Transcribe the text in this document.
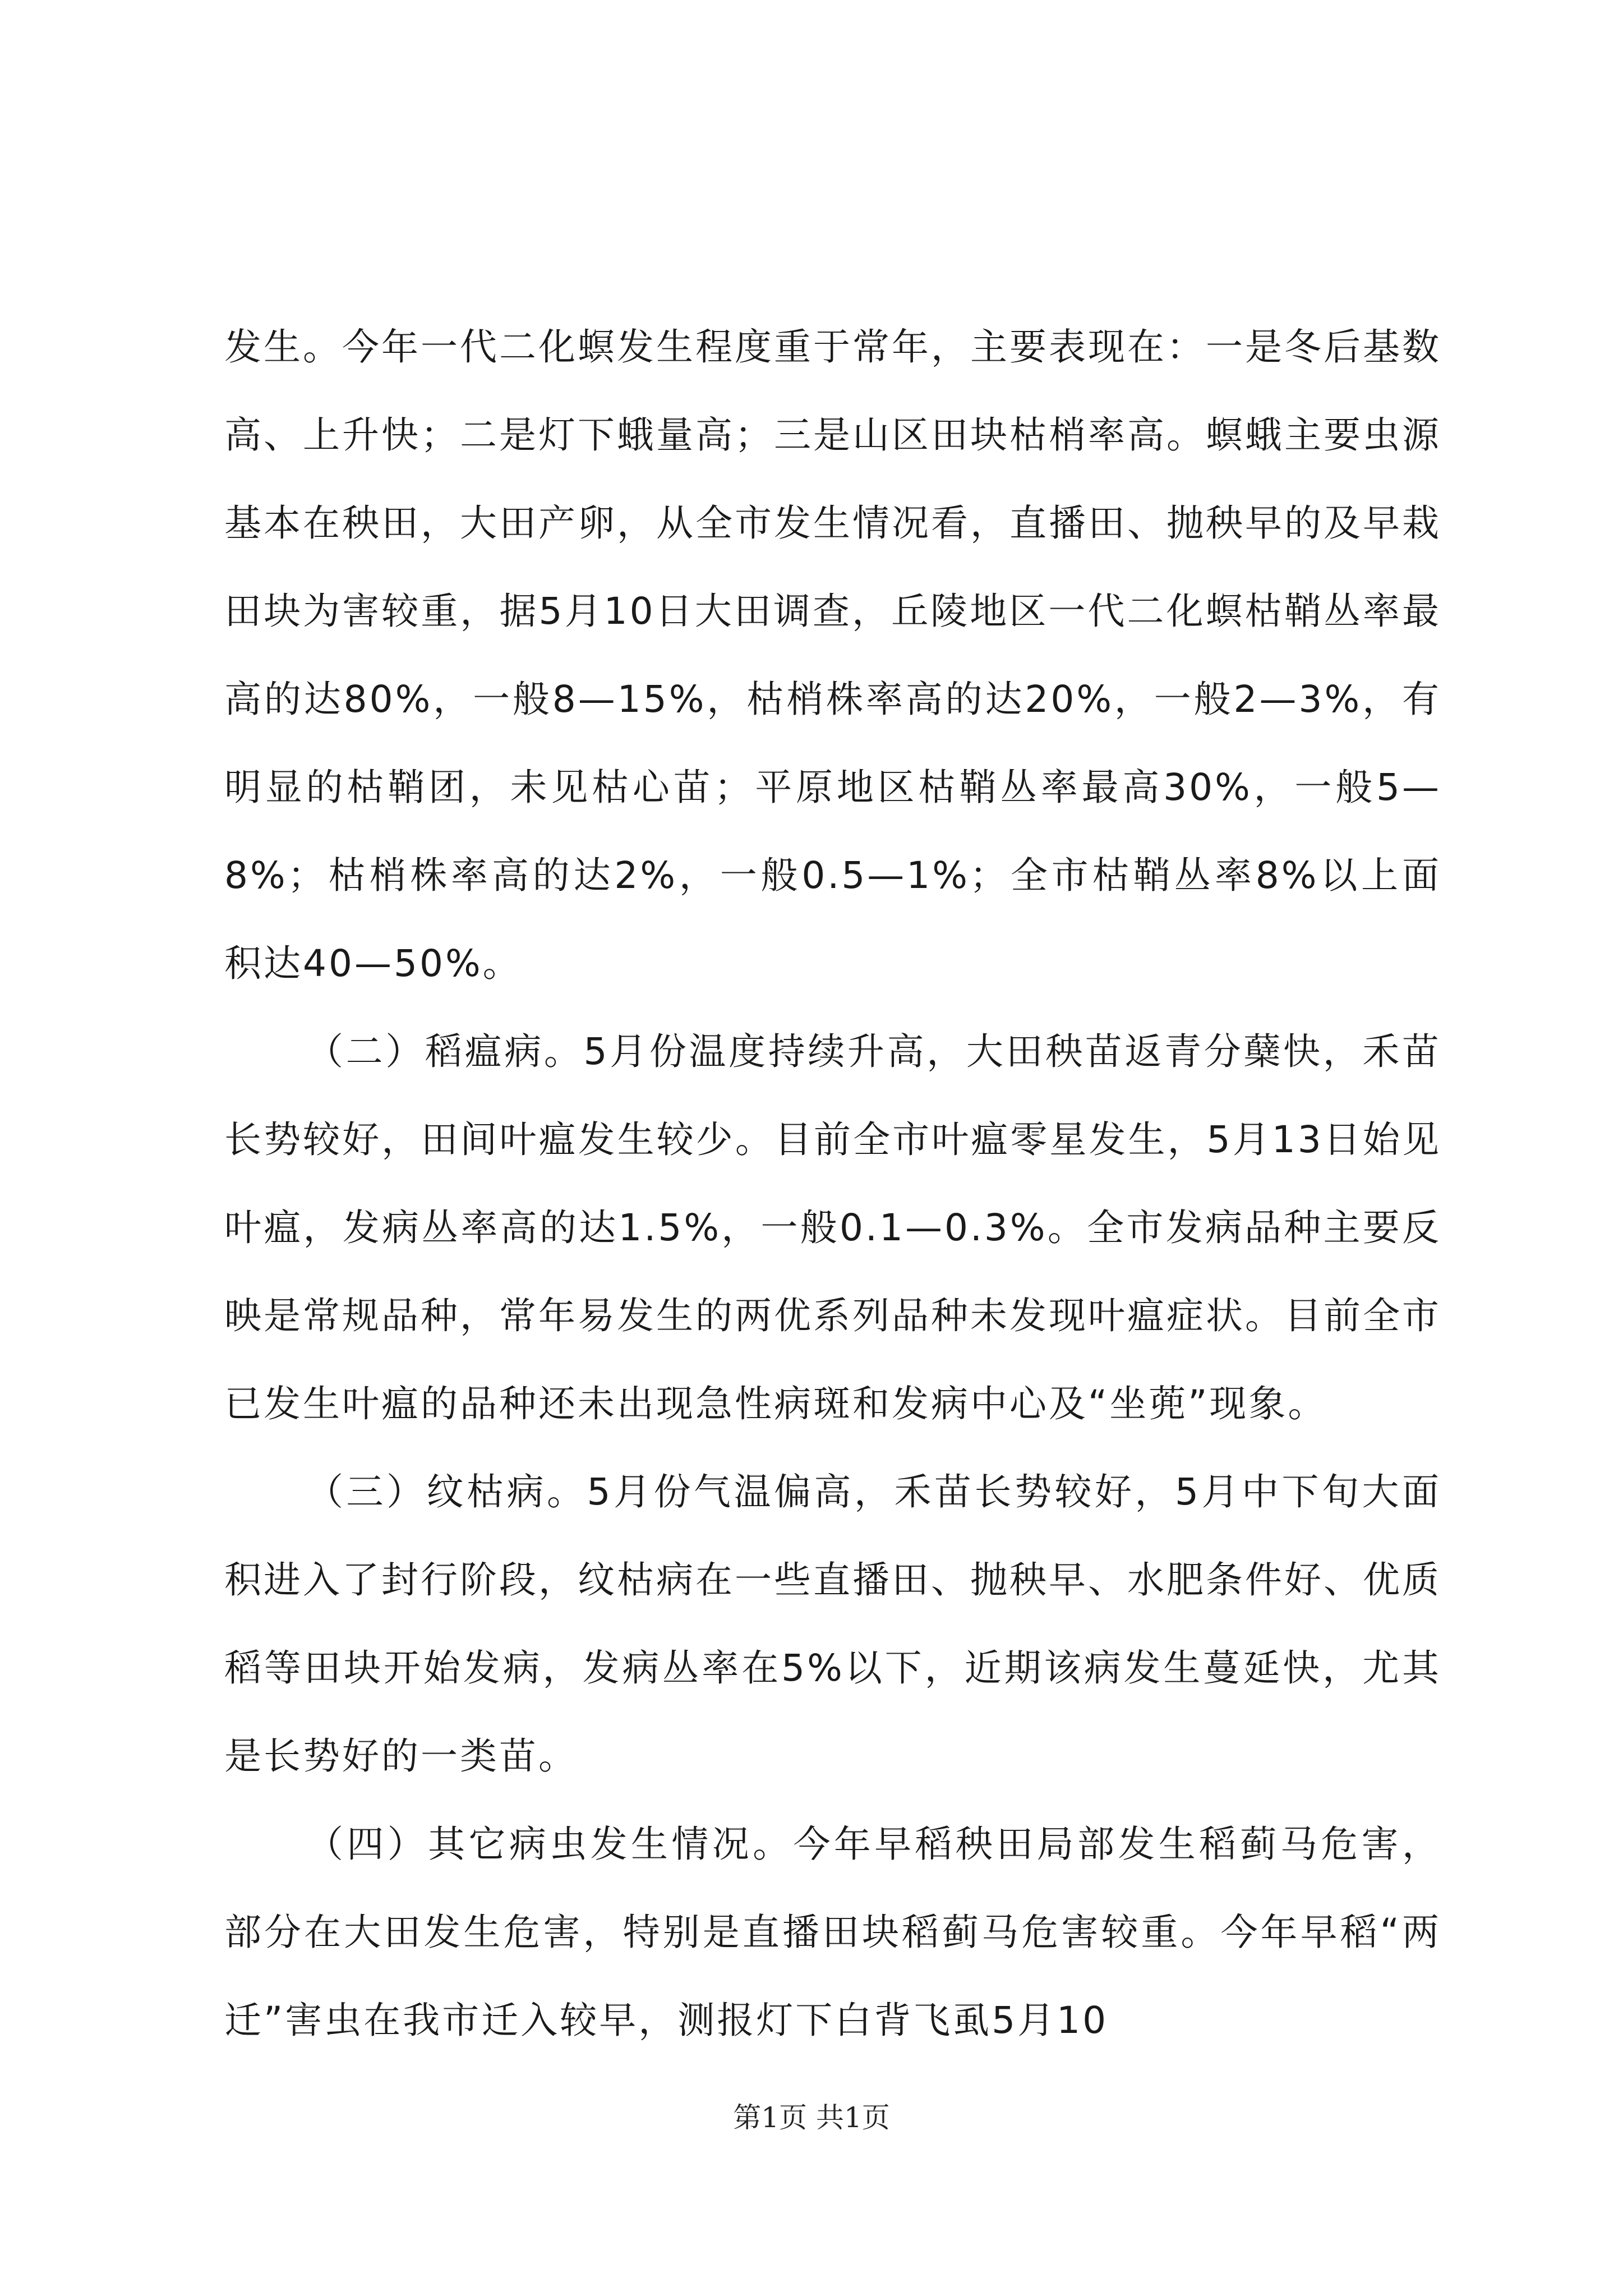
发生。今年一代二化螟发生程度重于常年，主要表现在：一是冬后基数高、上升快；二是灯下蛾量高；三是山区田块枯梢率高。螟蛾主要虫源基本在秧田，大田产卵，从全市发生情况看，直播田、抛秧早的及早栽田块为害较重，据5月10日大田调查，丘陵地区一代二化螟枯鞘丛率最高的达80%，一般8—15%，枯梢株率高的达20%，一般2—3%，有明显的枯鞘团，未见枯心苗；平原地区枯鞘丛率最高30%，一般5—8%；枯梢株率高的达2%，一般0.5—1%；全市枯鞘丛率8%以上面积达40—50%。

（二）稻瘟病。5月份温度持续升高，大田秧苗返青分蘖快，禾苗长势较好，田间叶瘟发生较少。目前全市叶瘟零星发生，5月13日始见叶瘟，发病丛率高的达1.5%，一般0.1—0.3%。全市发病品种主要反映是常规品种，常年易发生的两优系列品种未发现叶瘟症状。目前全市已发生叶瘟的品种还未出现急性病斑和发病中心及“坐蔸”现象。

（三）纹枯病。5月份气温偏高，禾苗长势较好，5月中下旬大面积进入了封行阶段，纹枯病在一些直播田、抛秧早、水肥条件好、优质稻等田块开始发病，发病丛率在5%以下，近期该病发生蔓延快，尤其是长势好的一类苗。

（四）其它病虫发生情况。今年早稻秧田局部发生稻蓟马危害，部分在大田发生危害，特别是直播田块稻蓟马危害较重。今年早稻“两迁”害虫在我市迁入较早，测报灯下白背飞虱5月10

第1页 共1页
